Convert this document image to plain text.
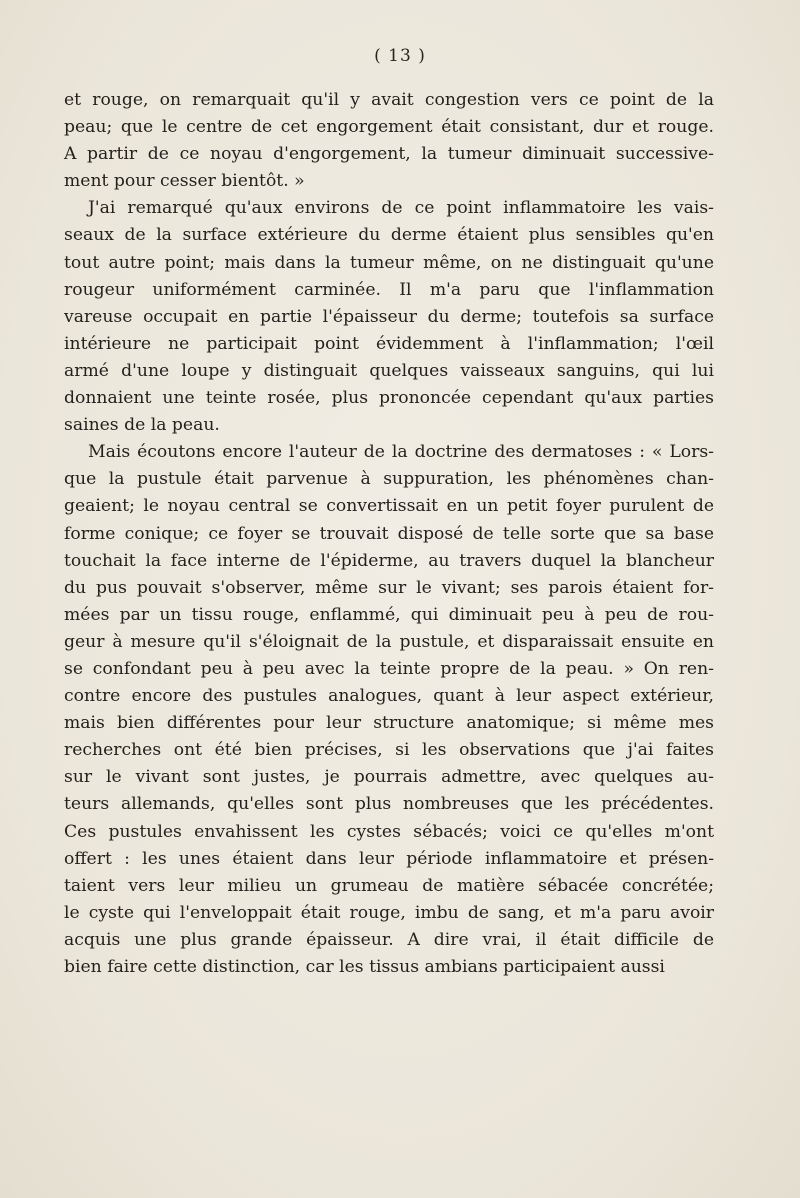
( 13 )
et rouge, on remarquait qu'il y avait congestion vers ce point de la
peau; que le centre de cet engorgement était consistant, dur et rouge.
A partir de ce noyau d'engorgement, la tumeur diminuait successive-
ment pour cesser bientôt. »
J'ai remarqué qu'aux environs de ce point inflammatoire les vais-
seaux de la surface extérieure du derme étaient plus sensibles qu'en
tout autre point; mais dans la tumeur même, on ne distinguait qu'une
rougeur uniformément carminée. Il m'a paru que l'inflammation
vareuse occupait en partie l'épaisseur du derme; toutefois sa surface
intérieure ne participait point évidemment à l'inflammation; l'œil
armé d'une loupe y distinguait quelques vaisseaux sanguins, qui lui
donnaient une teinte rosée, plus prononcée cependant qu'aux parties
saines de la peau.
Mais écoutons encore l'auteur de la doctrine des dermatoses : « Lors-
que la pustule était parvenue à suppuration, les phénomènes chan-
geaient; le noyau central se convertissait en un petit foyer purulent de
forme conique; ce foyer se trouvait disposé de telle sorte que sa base
touchait la face interne de l'épiderme, au travers duquel la blancheur
du pus pouvait s'observer, même sur le vivant; ses parois étaient for-
mées par un tissu rouge, enflammé, qui diminuait peu à peu de rou-
geur à mesure qu'il s'éloignait de la pustule, et disparaissait ensuite en
se confondant peu à peu avec la teinte propre de la peau. » On ren-
contre encore des pustules analogues, quant à leur aspect extérieur,
mais bien différentes pour leur structure anatomique; si même mes
recherches ont été bien précises, si les observations que j'ai faites
sur le vivant sont justes, je pourrais admettre, avec quelques au-
teurs allemands, qu'elles sont plus nombreuses que les précédentes.
Ces pustules envahissent les cystes sébacés; voici ce qu'elles m'ont
offert : les unes étaient dans leur période inflammatoire et présen-
taient vers leur milieu un grumeau de matière sébacée concrétée;
le cyste qui l'enveloppait était rouge, imbu de sang, et m'a paru avoir
acquis une plus grande épaisseur. A dire vrai, il était difficile de
bien faire cette distinction, car les tissus ambians participaient aussi
